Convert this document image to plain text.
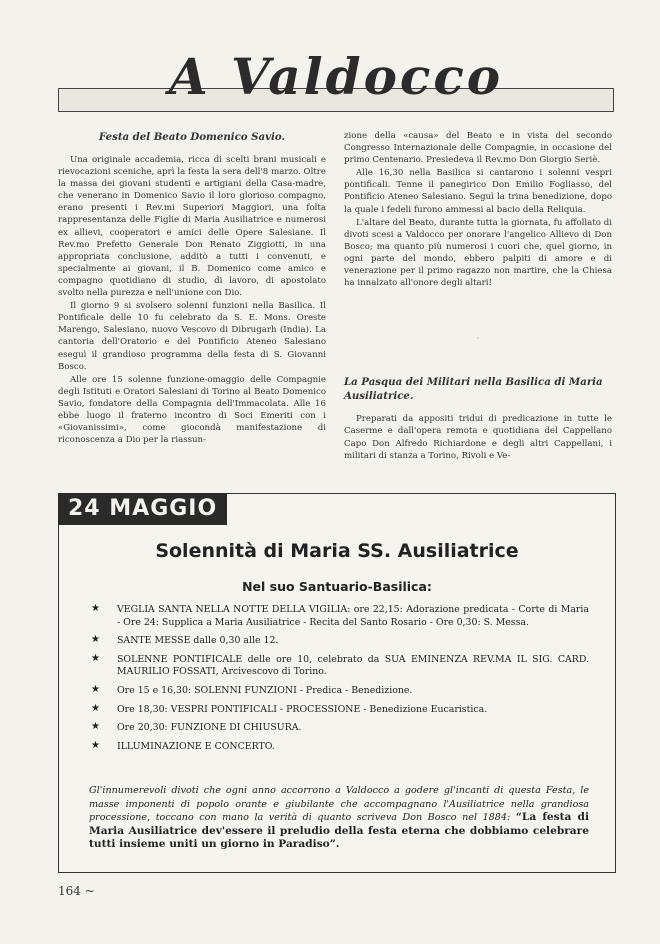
A Valdocco
Festa del Beato Domenico Savio.

Una originale accademia, ricca di scelti brani musicali e rievocazioni sceniche, aprì la festa la sera dell'8 marzo. Oltre la massa dei giovani studenti e artigiani della Casa-madre, che venerano in Domenico Savio il loro glorioso compagno, erano presenti i Rev.mi Superiori Maggiori, una folta rappresentanza delle Figlie di Maria Ausiliatrice e numerosi ex allievi, cooperatori e amici delle Opere Salesiane. Il Rev.mo Prefetto Generale Don Renato Ziggiotti, in una appropriata conclusione, additò a tutti i convenuti, e specialmente ai giovani, il B. Domenico come amico e compagno quotidiano di studio, di lavoro, di apostolato svolto nella purezza e nell'unione con Dio.

Il giorno 9 si svolsero solenni funzioni nella Basilica. Il Pontificale delle 10 fu celebrato da S. E. Mons. Oreste Marengo, Salesiano, nuovo Vescovo di Dibrugarh (India). La cantoria dell'Oratorio e del Pontificio Ateneo Salesiano eseguì il grandioso programma della festa di S. Giovanni Bosco.

Alle ore 15 solenne funzione-omaggio delle Compagnie degli Istituti e Oratori Salesiani di Torino al Beato Domenico Savio, fondatore della Compagnia dell'Immacolata. Alle 16 ebbe luogo il fraterno incontro di Soci Emeriti con i «Giovanissimi», come giocondà manifestazione di riconoscenza a Dio per la riassun-

zione della «causa» del Beato e in vista del secondo Congresso Internazionale delle Compagnie, in occasione del primo Centenario. Presiedeva il Rev.mo Don Giorgio Seriè.

Alle 16,30 nella Basilica si cantarono i solenni vespri pontificali. Tenne il panegirico Don Emilio Fogliasso, del Pontificio Ateneo Salesiano. Seguì la trina benedizione, dopo la quale i fedeli furono ammessi al bacio della Reliquia.

L'altare del Beato, durante tutta la giornata, fu affollato di divoti scesi a Valdocco per onorare l'angelico Allievo di Don Bosco; ma quanto più numerosi i cuori che, quel giorno, in ogni parte del mondo, ebbero palpiti di amore e di venerazione per il primo ragazzo non martire, che la Chiesa ha innalzato all'onore degli altari!

·
La Pasqua dei Militari nella Basilica di Maria Ausiliatrice.

Preparati da appositi tridui di predicazione in tutte le Caserme e dall'opera remota e quotidiana del Cappellano Capo Don Alfredo Richiardone e degli altri Cappellani, i militari di stanza a Torino, Rivoli e Ve-

24 MAGGIO
Solennità di Maria SS. Ausiliatrice
Nel suo Santuario-Basilica:
★ VEGLIA SANTA NELLA NOTTE DELLA VIGILIA: ore 22,15: Adorazione predicata - Corte di Maria - Ore 24: Supplica a Maria Ausiliatrice - Recita del Santo Rosario - Ore 0,30: S. Messa.
★ SANTE MESSE dalle 0,30 alle 12.
★ SOLENNE PONTIFICALE delle ore 10, celebrato da SUA EMINENZA REV.MA IL SIG. CARD. MAURILIO FOSSATI, Arcivescovo di Torino.
★ Ore 15 e 16,30: SOLENNI FUNZIONI - Predica - Benedizione.
★ Ore 18,30: VESPRI PONTIFICALI - PROCESSIONE - Benedizione Eucaristica.
★ Ore 20,30: FUNZIONE DI CHIUSURA.
★ ILLUMINAZIONE E CONCERTO.
Gl'innumerevoli divoti che ogni anno accorrono a Valdocco a godere gl'incanti di questa Festa, le masse imponenti di popolo orante e giubilante che accompagnano l'Ausiliatrice nella grandiosa processione, toccano con mano la verità di quanto scriveva Don Bosco nel 1884: “La festa di Maria Ausiliatrice dev'essere il preludio della festa eterna che dobbiamo celebrare tutti insieme uniti un giorno in Paradiso”.
164 ~
